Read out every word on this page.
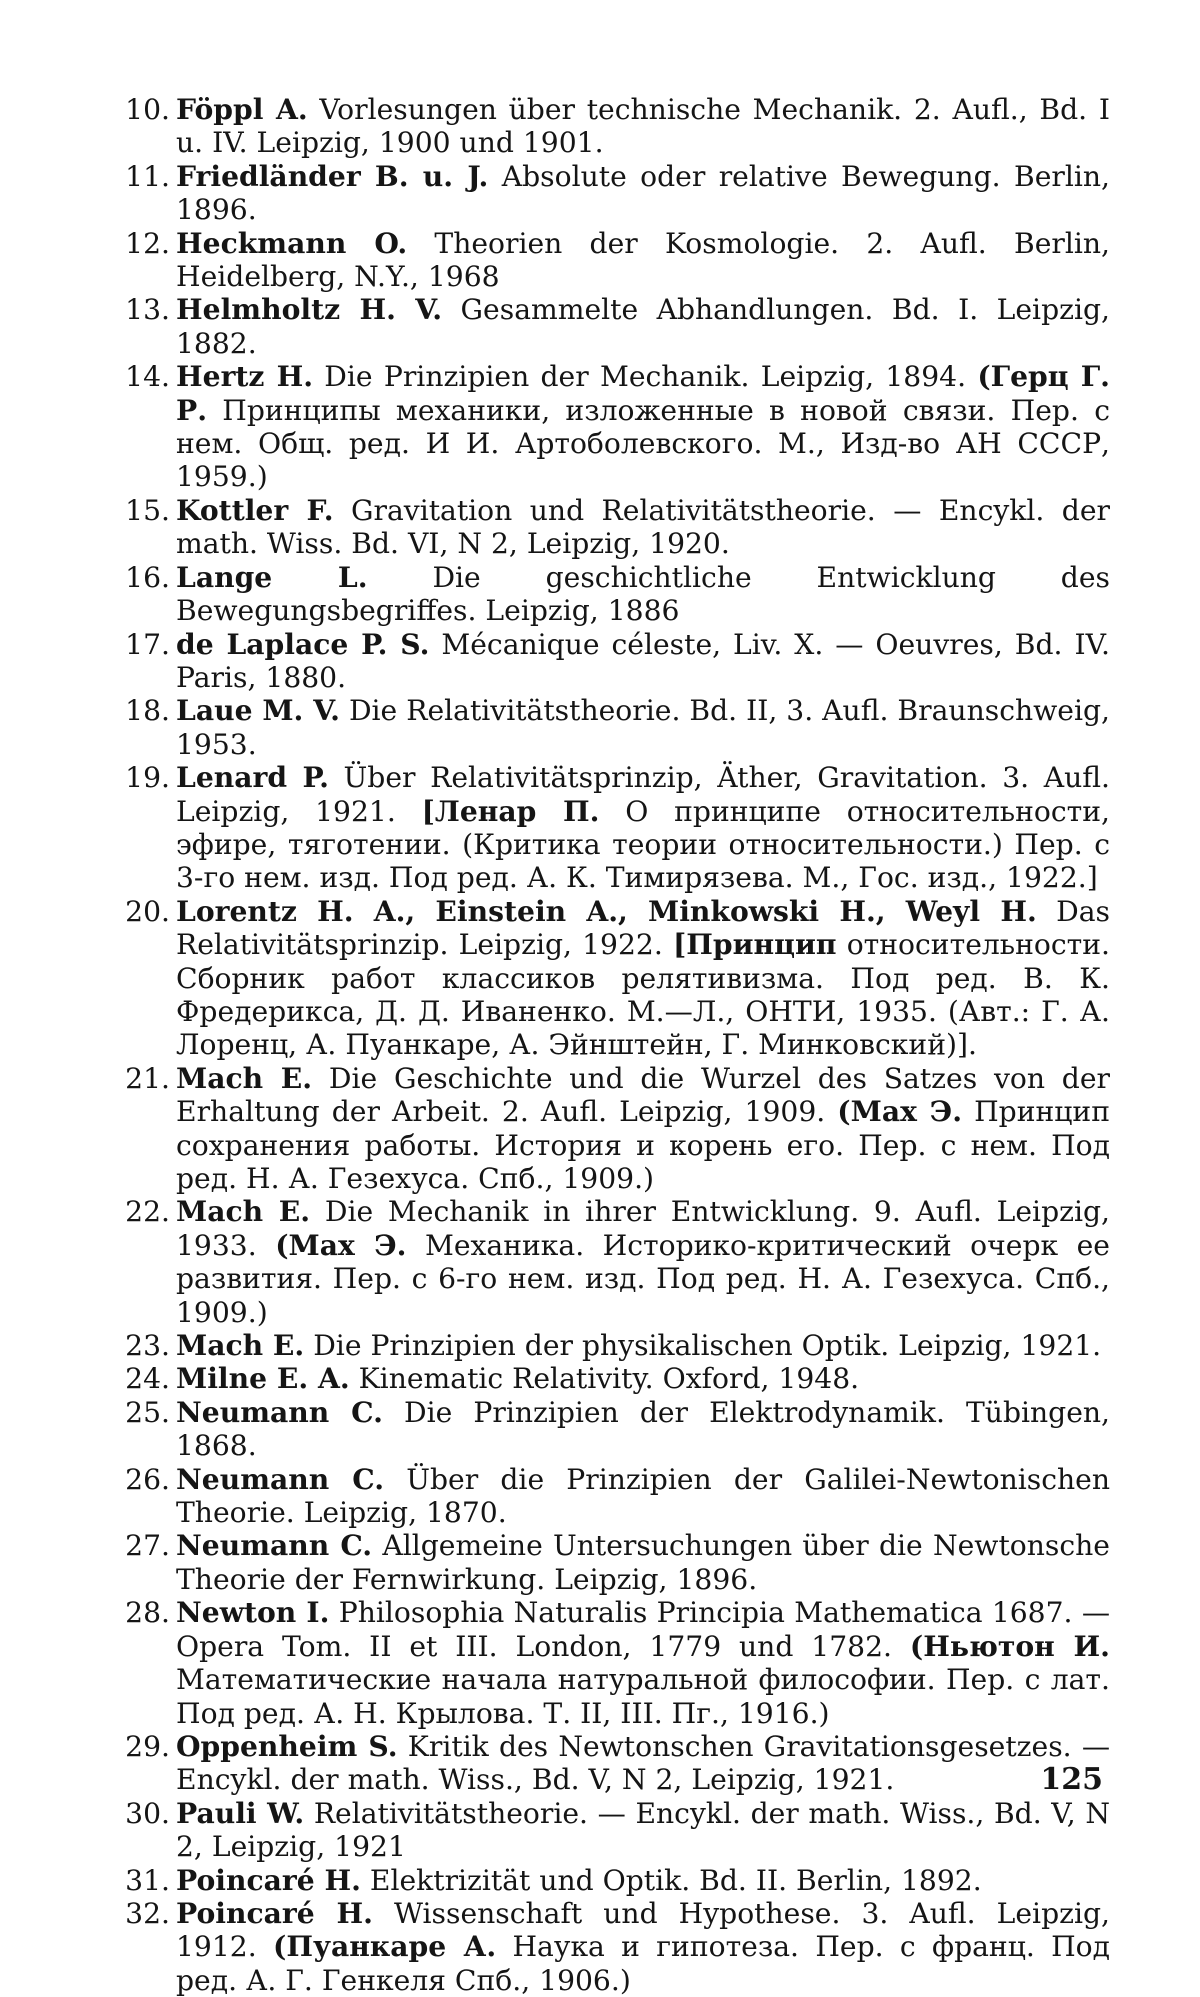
10. Föppl A. Vorlesungen über technische Mechanik. 2. Aufl., Bd. I u. IV. Leipzig, 1900 und 1901.
11. Friedländer B. u. J. Absolute oder relative Bewegung. Berlin, 1896.
12. Heckmann O. Theorien der Kosmologie. 2. Aufl. Berlin, Heidelberg, N.Y., 1968
13. Helmholtz H. V. Gesammelte Abhandlungen. Bd. I. Leipzig, 1882.
14. Hertz H. Die Prinzipien der Mechanik. Leipzig, 1894. (Герц Г. Р. Принципы механики, изложенные в новой связи. Пер. с нем. Общ. ред. И И. Артоболевского. М., Изд-во АН СССР, 1959.)
15. Kottler F. Gravitation und Relativitätstheorie. — Encykl. der math. Wiss. Bd. VI, N 2, Leipzig, 1920.
16. Lange L. Die geschichtliche Entwicklung des Bewegungsbegriffes. Leipzig, 1886
17. de Laplace P. S. Mécanique céleste, Liv. X. — Oeuvres, Bd. IV. Paris, 1880.
18. Laue M. V. Die Relativitätstheorie. Bd. II, 3. Aufl. Braunschweig, 1953.
19. Lenard P. Über Relativitätsprinzip, Äther, Gravitation. 3. Aufl. Leipzig, 1921. [Ленар П. О принципе относительности, эфире, тяготении. (Критика теории относительности.) Пер. с 3-го нем. изд. Под ред. А. К. Тимирязева. М., Гос. изд., 1922.]
20. Lorentz H. A., Einstein A., Minkowski H., Weyl H. Das Relativitätsprinzip. Leipzig, 1922. [Принцип относительности. Сборник работ классиков релятивизма. Под ред. В. К. Фредерикса, Д. Д. Иваненко. М.—Л., ОНТИ, 1935. (Авт.: Г. А. Лоренц, А. Пуанкаре, А. Эйнштейн, Г. Минковский)].
21. Mach E. Die Geschichte und die Wurzel des Satzes von der Erhaltung der Arbeit. 2. Aufl. Leipzig, 1909. (Мах Э. Принцип сохранения работы. История и корень его. Пер. с нем. Под ред. Н. А. Гезехуса. Спб., 1909.)
22. Mach E. Die Mechanik in ihrer Entwicklung. 9. Aufl. Leipzig, 1933. (Мах Э. Механика. Историко-критический очерк ее развития. Пер. с 6-го нем. изд. Под ред. Н. А. Гезехуса. Спб., 1909.)
23. Mach E. Die Prinzipien der physikalischen Optik. Leipzig, 1921.
24. Milne E. A. Kinematic Relativity. Oxford, 1948.
25. Neumann C. Die Prinzipien der Elektrodynamik. Tübingen, 1868.
26. Neumann C. Über die Prinzipien der Galilei-Newtonischen Theorie. Leipzig, 1870.
27. Neumann C. Allgemeine Untersuchungen über die Newtonsche Theorie der Fernwirkung. Leipzig, 1896.
28. Newton I. Philosophia Naturalis Principia Mathematica 1687. — Opera Tom. II et III. London, 1779 und 1782. (Ньютон И. Математические начала натуральной философии. Пер. с лат. Под ред. А. Н. Крылова. Т. II, III. Пг., 1916.)
29. Oppenheim S. Kritik des Newtonschen Gravitationsgesetzes. — Encykl. der math. Wiss., Bd. V, N 2, Leipzig, 1921.
30. Pauli W. Relativitätstheorie. — Encykl. der math. Wiss., Bd. V, N 2, Leipzig, 1921
31. Poincaré H. Elektrizität und Optik. Bd. II. Berlin, 1892.
32. Poincaré H. Wissenschaft und Hypothese. 3. Aufl. Leipzig, 1912. (Пуанкаре А. Наука и гипотеза. Пер. с франц. Под ред. А. Г. Генкеля Спб., 1906.)
125
